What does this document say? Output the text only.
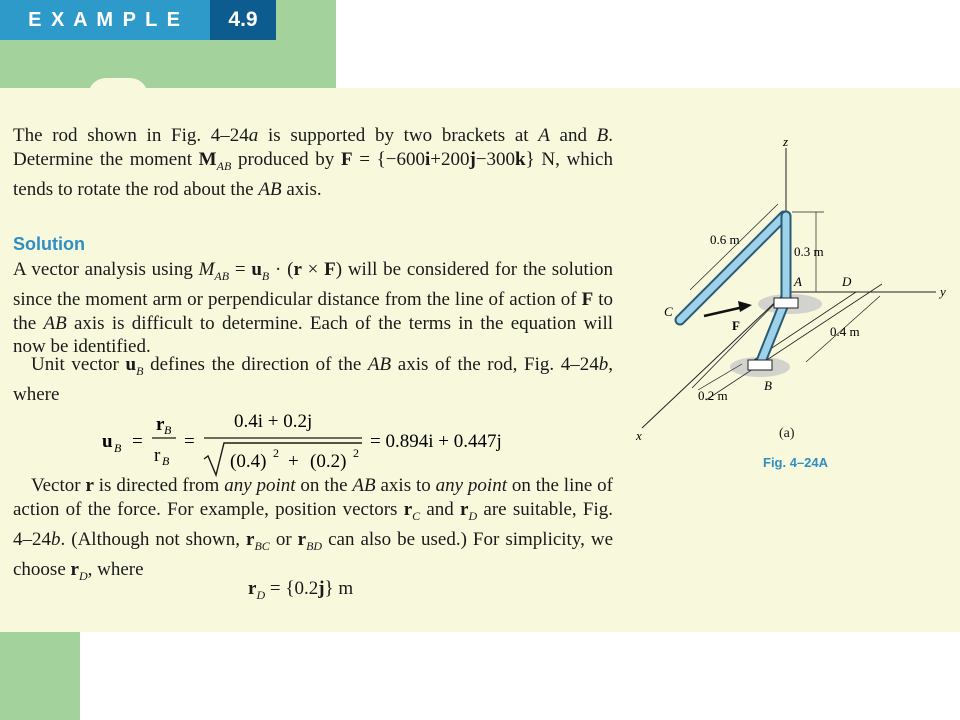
E X A M P L E	4.9

The rod shown in Fig. 4–24a is supported by two brackets at A and B. Determine the moment $M_{AB}$ produced by F = {−600i+200j−300k} N, which tends to rotate the rod about the AB axis.

Solution

A vector analysis using $M_{AB} = u_B \cdot (r \times F)$ will be considered for the solution since the moment arm or perpendicular distance from the line of action of F to the AB axis is difficult to determine. Each of the terms in the equation will now be identified.

Unit vector $u_B$ defines the direction of the AB axis of the rod, Fig. 4–24b, where

u B =
r B
r B
=
0.4i + 0.2j
(0.4) 2 + (0.2) 2
= 0.894i + 0.447j

Vector r is directed from any point on the AB axis to any point on the line of action of the force. For example, position vectors $r_C$ and $r_D$ are suitable, Fig. 4–24b. (Although not shown, $r_{BC}$ or $r_{BD}$ can also be used.) For simplicity, we choose $r_D$, where

$r_D = \{0.2j\}$ m
z
y
x
A
B
C
D
F
0.6 m
0.3 m
0.4 m
0.2 m
(a)
Fig. 4–24A
